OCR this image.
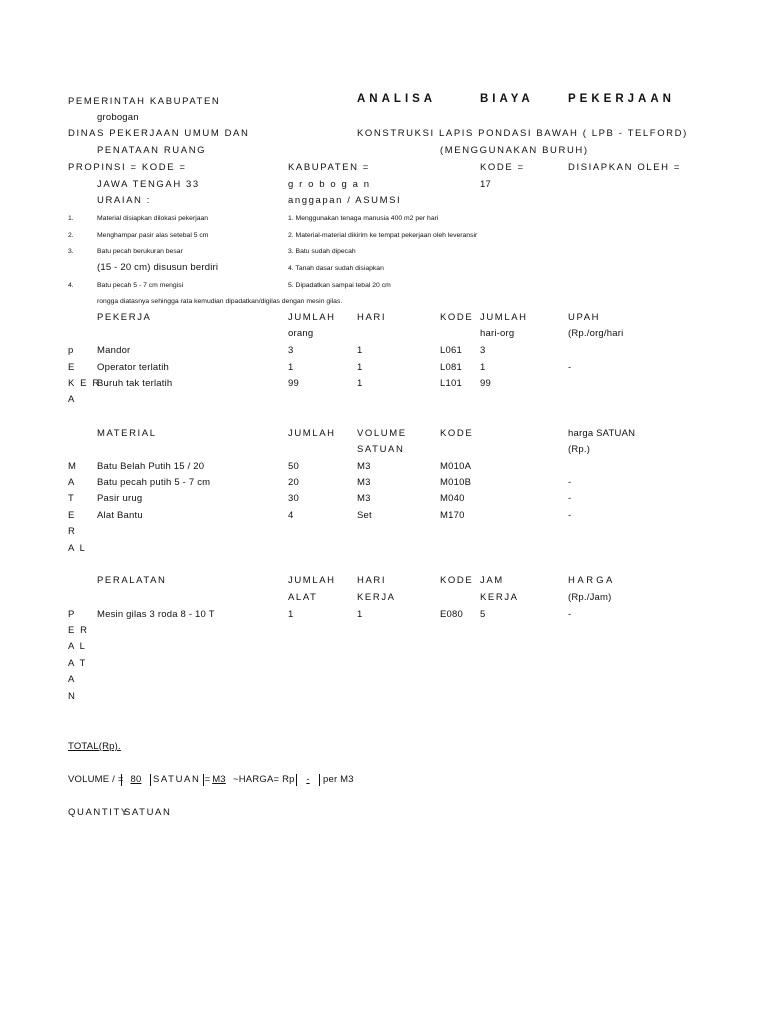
PEMERINTAH KABUPATEN
grobogan
DINAS PEKERJAAN UMUM DAN
PENATAAN RUANG
ANALISA	BIAYA	PEKERJAAN
KONSTRUKSI LAPIS PONDASI BAWAH ( LPB - TELFORD)
(MENGGUNAKAN BURUH)
PROPINSI = KODE =
JAWA TENGAH 33
KABUPATEN =
g r o b o g a n
KODE =
17
DISIAPKAN OLEH =
URAIAN :	anggapan / ASUMSI
1.	Material disiapkan dilokasi pekerjaan	1. Menggunakan tenaga manusia 400 m2 per hari
2.	Menghampar pasir alas setebal 5 cm	2. Material-material dikirim ke tempat pekerjaan oleh leveransir
3.	Batu pecah berukuran besar	3. Batu sudah dipecah
(15 - 20 cm) disusun berdiri	4. Tanah dasar sudah disiapkan
4.	Batu pecah 5 - 7 cm mengisi	5. Dipadatkan sampai tebal 20 cm
rongga diatasnya sehingga rata kemudian dipadatkan/digilas dengan mesin gilas.
PEKERJA	JUMLAH HARI	KODE JUMLAH	UPAH
orang	hari-org	(Rp./org/hari
p Mandor	3	1	L061 3
E Operator terlatih	1	1	L081 1	-
K E R .
Buruh tak terlatih	99	1	L101 99
A
MATERIAL	JUMLAH VOLUME	KODE	harga SATUAN
SATUAN	(Rp.)
M Batu Belah Putih 15 / 20	50	M3	M010A
A Batu pecah putih 5 - 7 cm	20	M3	M010B	-
T Pasir urug	30	M3	M040	-
E Alat Bantu	4	Set	M170	-
R
A L
PERALATAN	JUMLAH HARI	KODE JAM	H A R G A
ALAT	KERJA	KERJA	(Rp./Jam)
P Mesin gilas 3 roda 8 - 10 T	1	1	E080 5	-
E R
A L
A T
A
N
TOTAL(Rp).
VOLUME / = 80	SATUAN = M3 ~HARGA= Rp	-	per M3
QUANTITY
SATUAN
